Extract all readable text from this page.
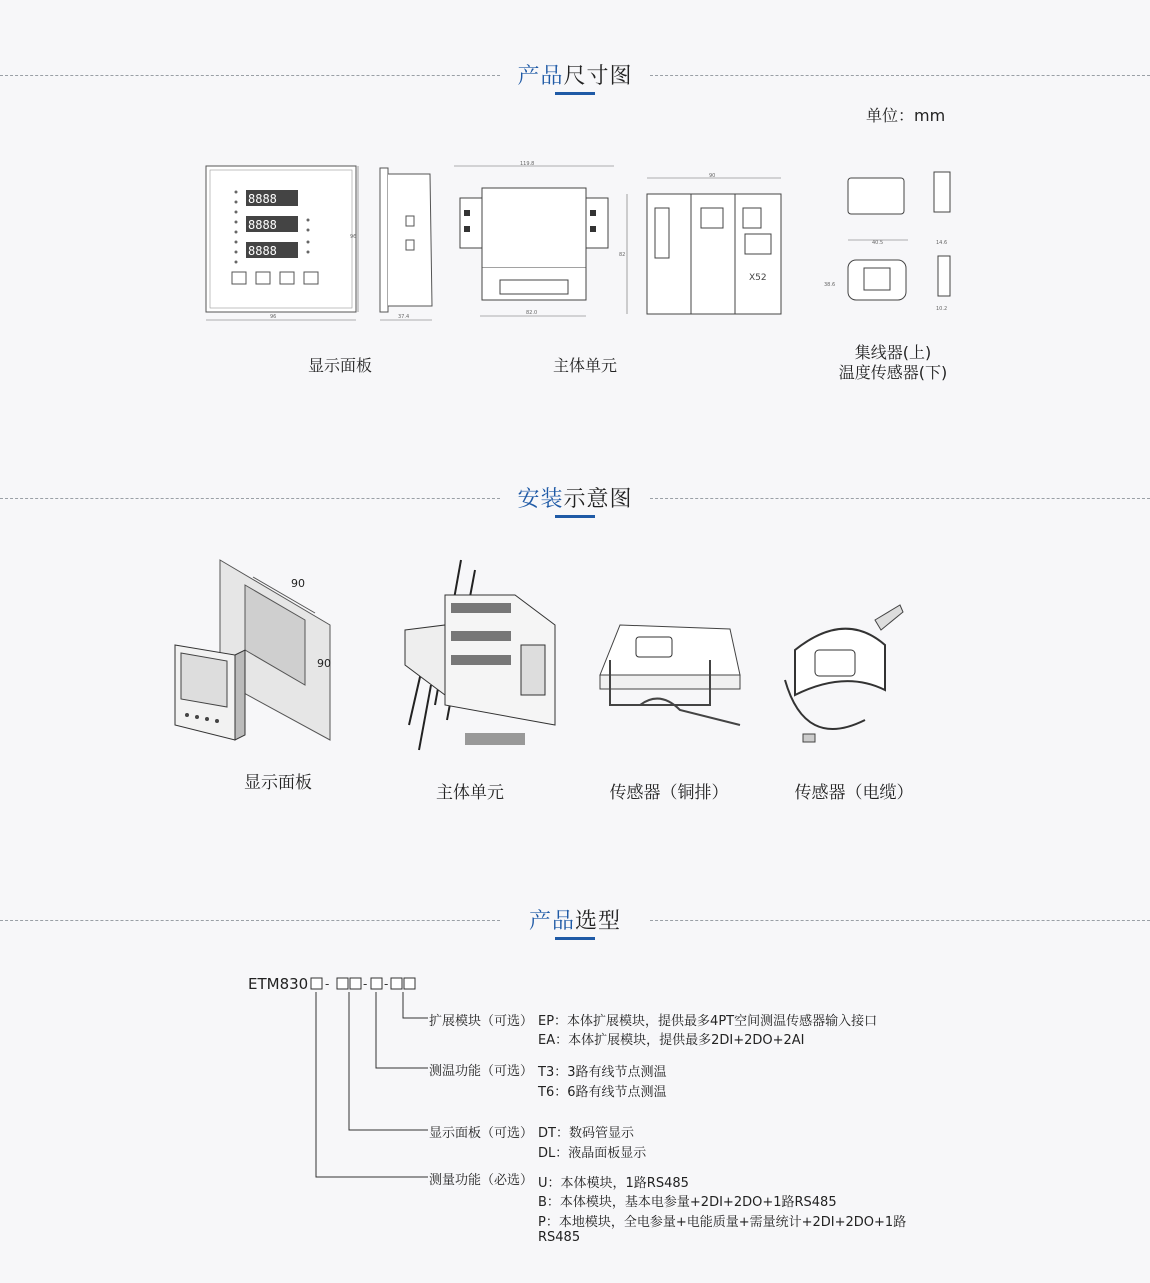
产品尺寸图
单位：mm
8888
8888
8888
96
96
37.4
119.8
82.0
90
82
X52
40.5
38.6
14.6
10.2
显示面板	主体单元
集线器(上)
温度传感器(下)
安装示意图
90
90
显示面板	主体单元	传感器（铜排）	传感器（电缆）
产品选型
ETM830 -	- -
扩展模块（可选） EP：本体扩展模块，提供最多4PT空间测温传感器输入接口
EA：本体扩展模块，提供最多2DI+2DO+2AI
测温功能（可选） T3：3路有线节点测温
T6：6路有线节点测温
显示面板（可选） DT：数码管显示
DL：液晶面板显示
测量功能（必选） U：本体模块，1路RS485
B：本体模块，基本电参量+2DI+2DO+1路RS485
P：本地模块，全电参量+电能质量+需量统计+2DI+2DO+1路
RS485
